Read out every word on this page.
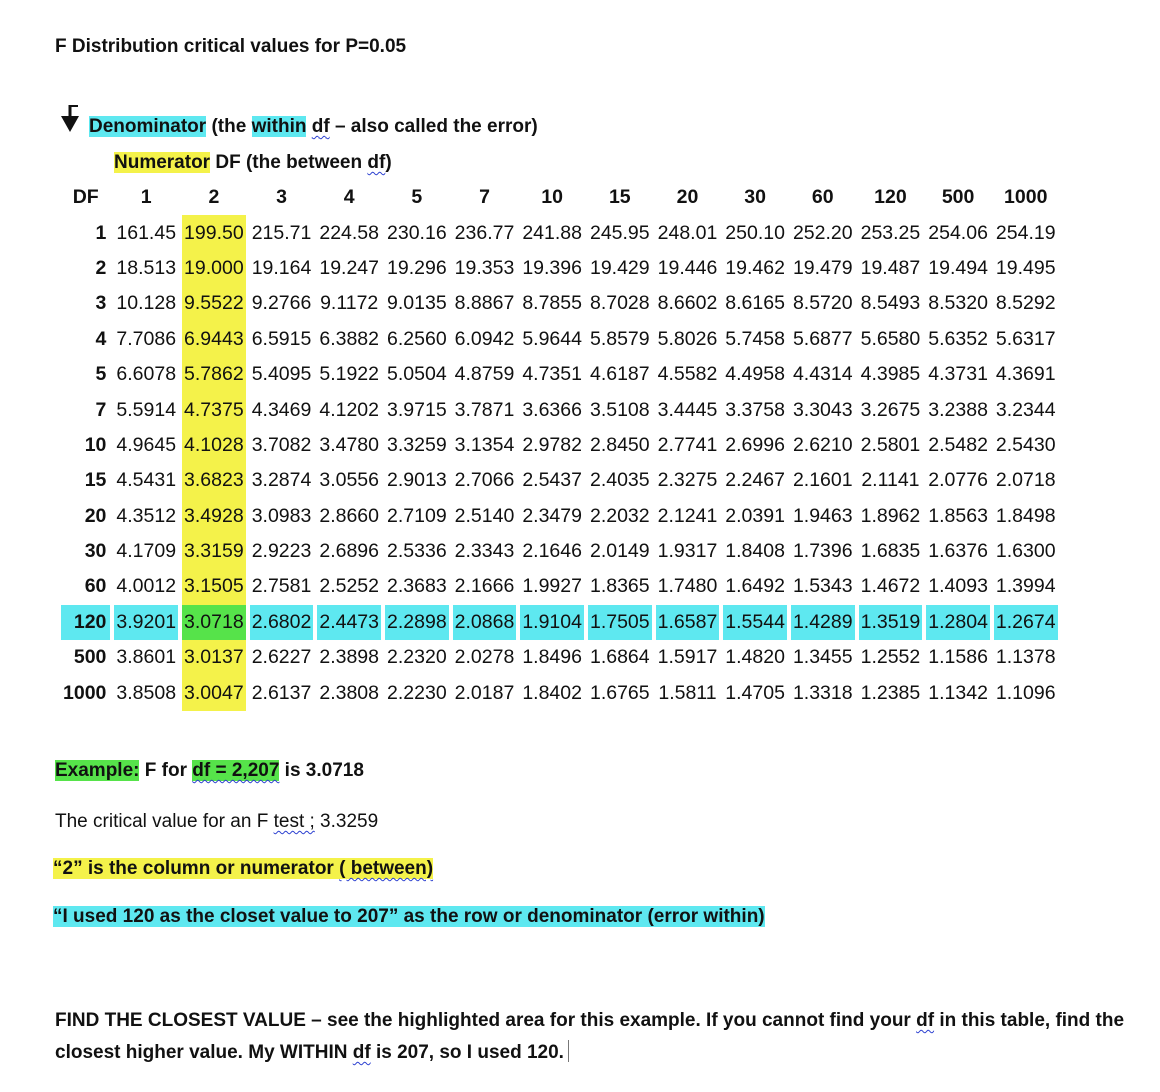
F Distribution critical values for P=0.05
Denominator (the within df – also called the error)
Numerator DF (the between df)
DF	1	2	3	4	5	7	10	15	20	30	60	120	500	1000
1	161.45	199.50	215.71	224.58	230.16	236.77	241.88	245.95	248.01	250.10	252.20	253.25	254.06	254.19
2	18.513	19.000	19.164	19.247	19.296	19.353	19.396	19.429	19.446	19.462	19.479	19.487	19.494	19.495
3	10.128	9.5522	9.2766	9.1172	9.0135	8.8867	8.7855	8.7028	8.6602	8.6165	8.5720	8.5493	8.5320	8.5292
4	7.7086	6.9443	6.5915	6.3882	6.2560	6.0942	5.9644	5.8579	5.8026	5.7458	5.6877	5.6580	5.6352	5.6317
5	6.6078	5.7862	5.4095	5.1922	5.0504	4.8759	4.7351	4.6187	4.5582	4.4958	4.4314	4.3985	4.3731	4.3691
7	5.5914	4.7375	4.3469	4.1202	3.9715	3.7871	3.6366	3.5108	3.4445	3.3758	3.3043	3.2675	3.2388	3.2344
10	4.9645	4.1028	3.7082	3.4780	3.3259	3.1354	2.9782	2.8450	2.7741	2.6996	2.6210	2.5801	2.5482	2.5430
15	4.5431	3.6823	3.2874	3.0556	2.9013	2.7066	2.5437	2.4035	2.3275	2.2467	2.1601	2.1141	2.0776	2.0718
20	4.3512	3.4928	3.0983	2.8660	2.7109	2.5140	2.3479	2.2032	2.1241	2.0391	1.9463	1.8962	1.8563	1.8498
30	4.1709	3.3159	2.9223	2.6896	2.5336	2.3343	2.1646	2.0149	1.9317	1.8408	1.7396	1.6835	1.6376	1.6300
60	4.0012	3.1505	2.7581	2.5252	2.3683	2.1666	1.9927	1.8365	1.7480	1.6492	1.5343	1.4672	1.4093	1.3994
120	3.9201	3.0718	2.6802	2.4473	2.2898	2.0868	1.9104	1.7505	1.6587	1.5544	1.4289	1.3519	1.2804	1.2674
500	3.8601	3.0137	2.6227	2.3898	2.2320	2.0278	1.8496	1.6864	1.5917	1.4820	1.3455	1.2552	1.1586	1.1378
1000	3.8508	3.0047	2.6137	2.3808	2.2230	2.0187	1.8402	1.6765	1.5811	1.4705	1.3318	1.2385	1.1342	1.1096
Example: F for df = 2,207 is 3.0718
The critical value for an F test ; 3.3259
“2” is the column or numerator ( between)
“I used 120 as the closet value to 207” as the row or denominator (error within)
FIND THE CLOSEST VALUE – see the highlighted area for this example. If you cannot find your df in this table, find the closest higher value. My WITHIN df is 207, so I used 120.
